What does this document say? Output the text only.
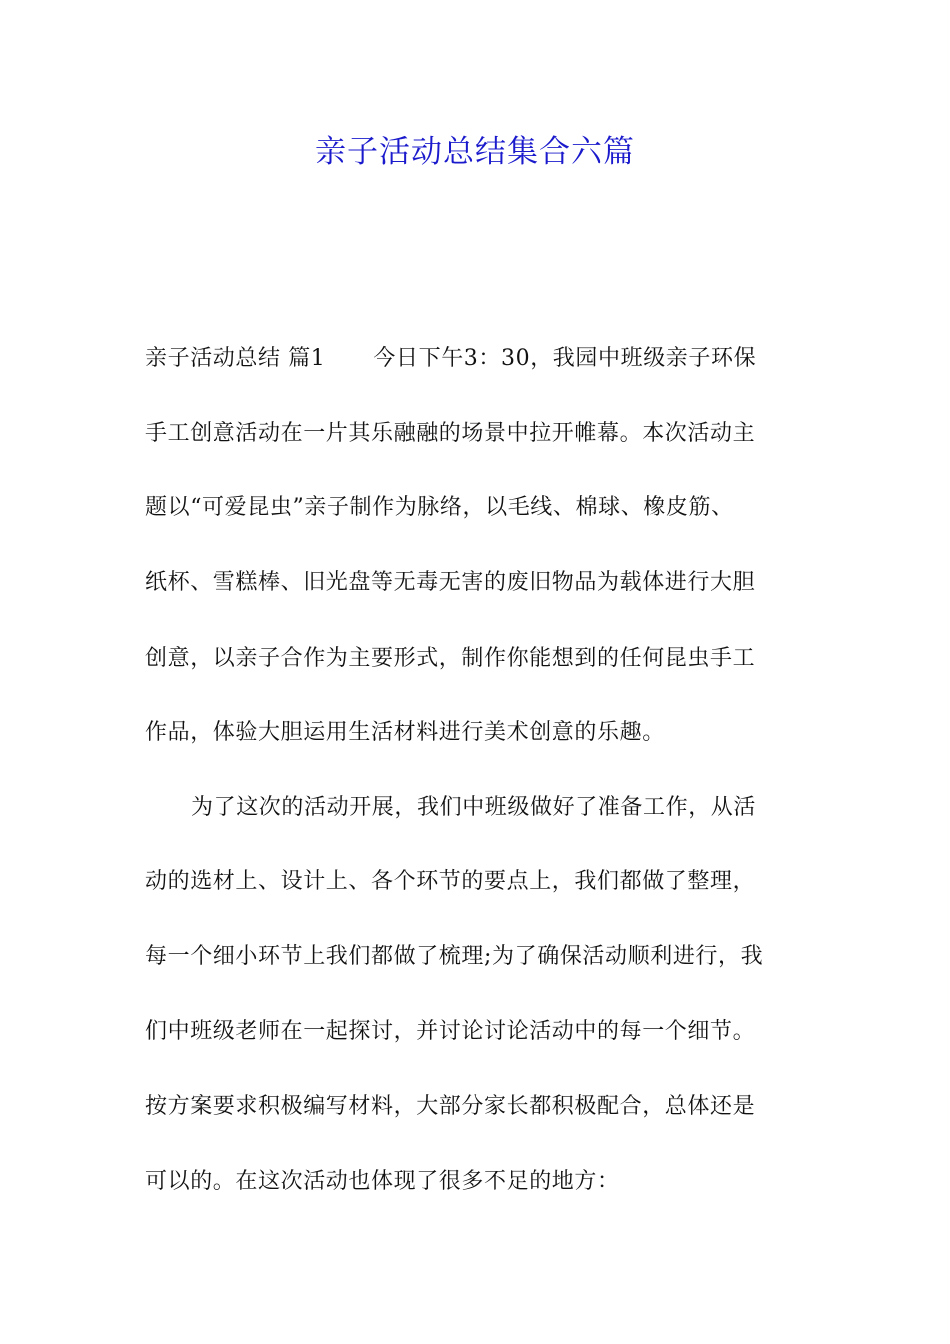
亲子活动总结集合六篇
亲子活动总结 篇1 今日下午3：30，我园中班级亲子环保
手工创意活动在一片其乐融融的场景中拉开帷幕。本次活动主
题以“可爱昆虫”亲子制作为脉络，以毛线、棉球、橡皮筋、
纸杯、雪糕棒、旧光盘等无毒无害的废旧物品为载体进行大胆
创意，以亲子合作为主要形式，制作你能想到的任何昆虫手工
作品，体验大胆运用生活材料进行美术创意的乐趣。
为了这次的活动开展，我们中班级做好了准备工作，从活
动的选材上、设计上、各个环节的要点上，我们都做了整理，
每一个细小环节上我们都做了梳理;为了确保活动顺利进行，我
们中班级老师在一起探讨，并讨论讨论活动中的每一个细节。
按方案要求积极编写材料，大部分家长都积极配合，总体还是
可以的。在这次活动也体现了很多不足的地方：
